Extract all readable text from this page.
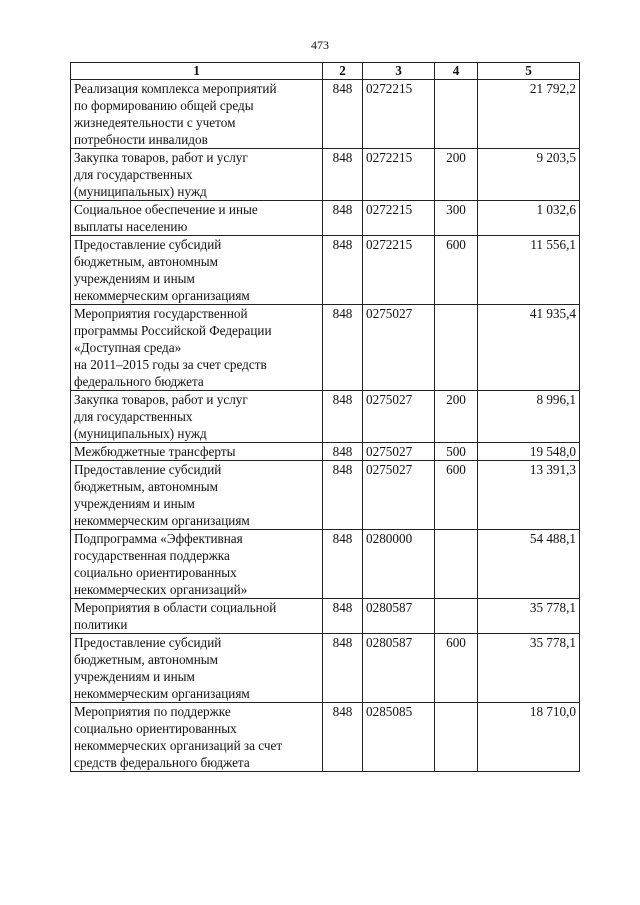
473
1	2	3	4	5
Реализация комплекса мероприятий
по формированию общей среды
жизнедеятельности с учетом
потребности инвалидов	848	0272215		21 792,2
Закупка товаров, работ и услуг
для государственных
(муниципальных) нужд	848	0272215	200	9 203,5
Социальное обеспечение и иные
выплаты населению	848	0272215	300	1 032,6
Предоставление субсидий
бюджетным, автономным
учреждениям и иным
некоммерческим организациям	848	0272215	600	11 556,1
Мероприятия государственной
программы Российской Федерации
«Доступная среда»
на 2011–2015 годы за счет средств
федерального бюджета	848	0275027		41 935,4
Закупка товаров, работ и услуг
для государственных
(муниципальных) нужд	848	0275027	200	8 996,1
Межбюджетные трансферты	848	0275027	500	19 548,0
Предоставление субсидий
бюджетным, автономным
учреждениям и иным
некоммерческим организациям	848	0275027	600	13 391,3
Подпрограмма «Эффективная
государственная поддержка
социально ориентированных
некоммерческих организаций»	848	0280000		54 488,1
Мероприятия в области социальной
политики	848	0280587		35 778,1
Предоставление субсидий
бюджетным, автономным
учреждениям и иным
некоммерческим организациям	848	0280587	600	35 778,1
Мероприятия по поддержке
социально ориентированных
некоммерческих организаций за счет
средств федерального бюджета	848	0285085		18 710,0
